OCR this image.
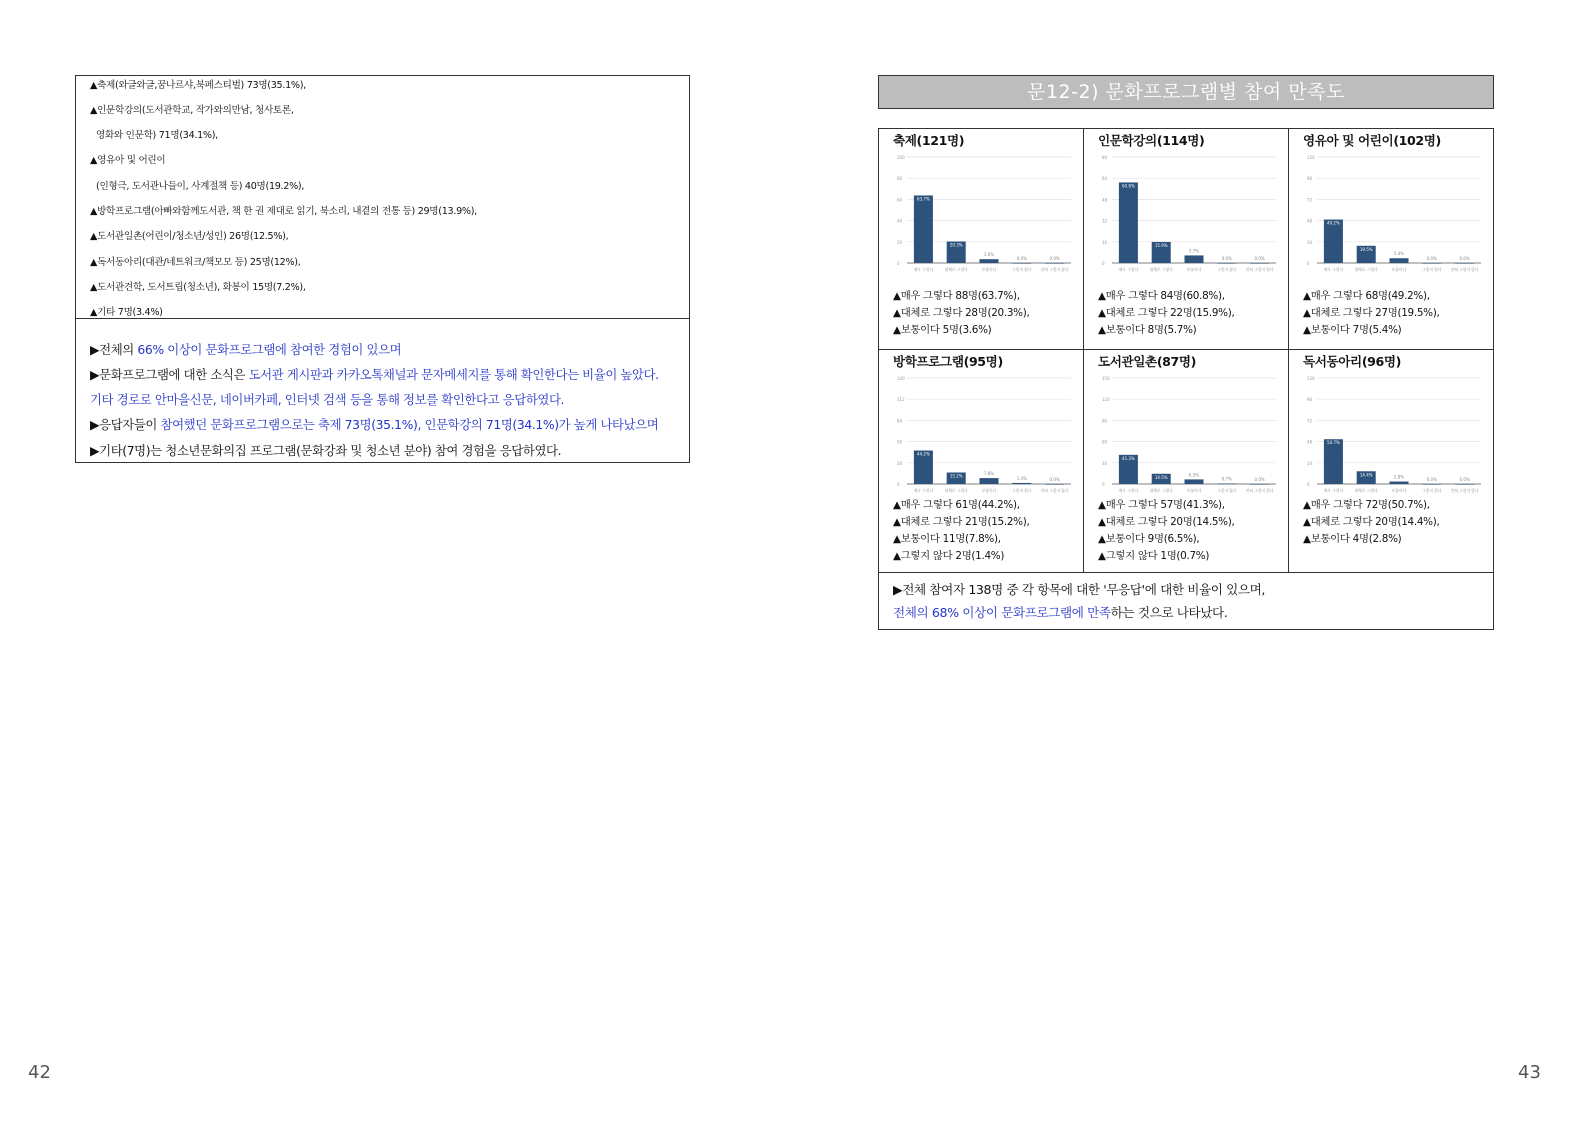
▲축제(와글와글,꿈나르샤,북페스티벌) 73명(35.1%),
▲인문학강의(도서관학교, 작가와의만남, 청사토론,
영화와 인문학) 71명(34.1%),
▲영유아 및 어린이
(인형극, 도서관나들이, 사계절책 등) 40명(19.2%),
▲방학프로그램(아빠와함께도서관, 책 한 권 제대로 읽기, 북소리, 내곁의 전통 등) 29명(13.9%),
▲도서관일촌(어린이/청소년/성인) 26명(12.5%),
▲독서동아리(대관/네트워크/책모모 등) 25명(12%),
▲도서관견학, 도서트립(청소년), 화봉이 15명(7.2%),
▲기타 7명(3.4%)
▶전체의 66% 이상이 문화프로그램에 참여한 경험이 있으며
▶문화프로그램에 대한 소식은 도서관 게시판과 카카오톡채널과 문자메세지를 통해 확인한다는 비율이 높았다.
기타 경로로 안마을신문, 네이버카페, 인터넷 검색 등을 통해 정보를 확인한다고 응답하였다.
▶응답자들이 참여했던 문화프로그램으로는 축제 73명(35.1%), 인문학강의 71명(34.1%)가 높게 나타났으며
▶기타(7명)는 청소년문화의집 프로그램(문화강좌 및 청소년 분야) 참여 경험을 응답하였다.
42
문12-2) 문화프로그램별 참여 만족도
축제(121명)
0
20
40
60
80
100
63.7%
매우 그렇다
20.3%
대체로 그렇다
3.6%
보통이다
0.0%
그렇지 않다
0.0%
전혀 그렇지 않다
▲매우 그렇다 88명(63.7%),
▲대체로 그렇다 28명(20.3%),
▲보통이다 5명(3.6%)
인문학강의(114명)
0
16
32
48
64
80
60.8%
매우 그렇다
15.9%
대체로 그렇다
5.7%
보통이다
0.0%
그렇지 않다
0.0%
전혀 그렇지 않다
▲매우 그렇다 84명(60.8%),
▲대체로 그렇다 22명(15.9%),
▲보통이다 8명(5.7%)
영유아 및 어린이(102명)
0
24
48
72
96
120
49.2%
매우 그렇다
19.5%
대체로 그렇다
5.4%
보통이다
0.0%
그렇지 않다
0.0%
전혀 그렇지 않다
▲매우 그렇다 68명(49.2%),
▲대체로 그렇다 27명(19.5%),
▲보통이다 7명(5.4%)
방학프로그램(95명)
0
28
56
84
112
140
44.2%
매우 그렇다
15.2%
대체로 그렇다
7.8%
보통이다
1.4%
그렇지 않다
0.0%
전혀 그렇지 않다
▲매우 그렇다 61명(44.2%),
▲대체로 그렇다 21명(15.2%),
▲보통이다 11명(7.8%),
▲그렇지 않다 2명(1.4%)
도서관일촌(87명)
0
30
60
90
120
150
41.3%
매우 그렇다
14.5%
대체로 그렇다
6.5%
보통이다
0.7%
그렇지 않다
0.0%
전혀 그렇지 않다
▲매우 그렇다 57명(41.3%),
▲대체로 그렇다 20명(14.5%),
▲보통이다 9명(6.5%),
▲그렇지 않다 1명(0.7%)
독서동아리(96명)
0
24
48
72
96
120
50.7%
매우 그렇다
14.4%
대체로 그렇다
2.8%
보통이다
0.0%
그렇지 않다
0.0%
전혀 그렇지 않다
▲매우 그렇다 72명(50.7%),
▲대체로 그렇다 20명(14.4%),
▲보통이다 4명(2.8%)
▶전체 참여자 138명 중 각 항목에 대한 '무응답'에 대한 비율이 있으며,
전체의 68% 이상이 문화프로그램에 만족하는 것으로 나타났다.
43
